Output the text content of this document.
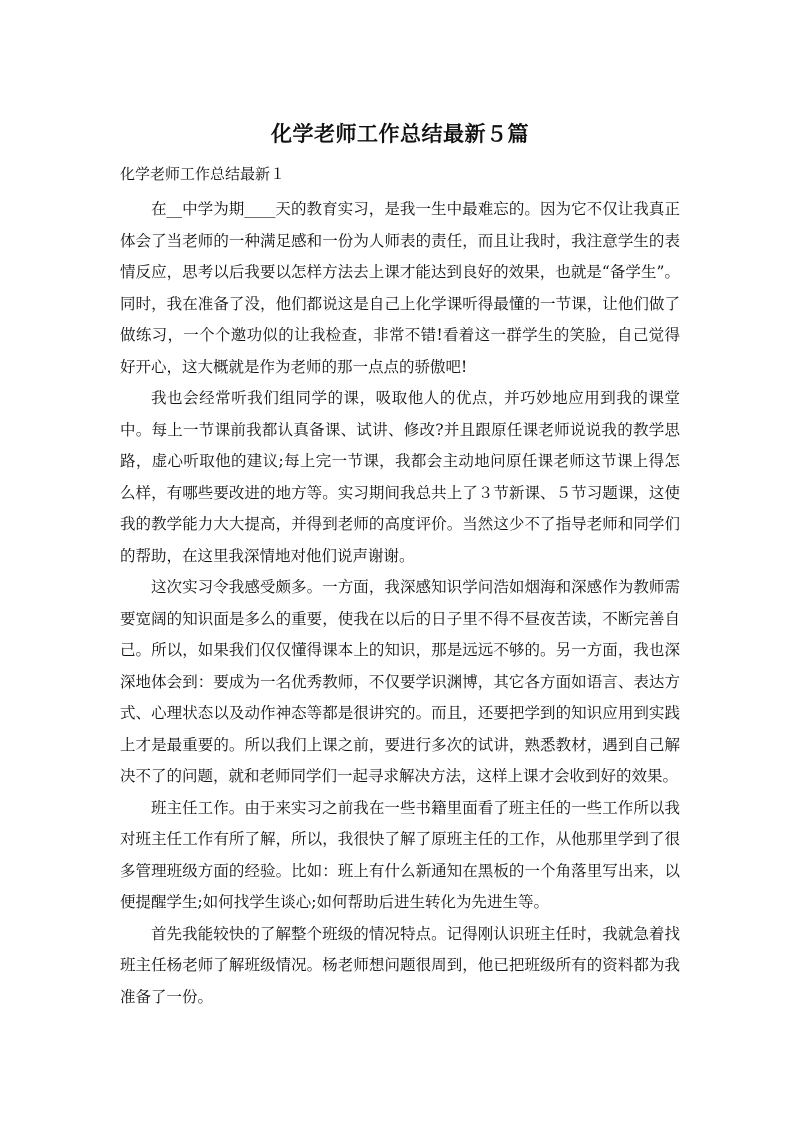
化学老师工作总结最新５篇
化学老师工作总结最新１

在__中学为期____天的教育实习，是我一生中最难忘的。因为它不仅让我真正体会了当老师的一种满足感和一份为人师表的责任，而且让我时，我注意学生的表情反应，思考以后我要以怎样方法去上课才能达到良好的效果，也就是“备学生”。同时，我在准备了没，他们都说这是自己上化学课听得最懂的一节课，让他们做了做练习，一个个邀功似的让我检查，非常不错!看着这一群学生的笑脸，自己觉得好开心，这大概就是作为老师的那一点点的骄傲吧!

我也会经常听我们组同学的课，吸取他人的优点，并巧妙地应用到我的课堂中。每上一节课前我都认真备课、试讲、修改?并且跟原任课老师说说我的教学思路，虚心听取他的建议;每上完一节课，我都会主动地问原任课老师这节课上得怎么样，有哪些要改进的地方等。实习期间我总共上了３节新课、５节习题课，这使我的教学能力大大提高，并得到老师的高度评价。当然这少不了指导老师和同学们的帮助，在这里我深情地对他们说声谢谢。

这次实习令我感受颇多。一方面，我深感知识学问浩如烟海和深感作为教师需要宽阔的知识面是多么的重要，使我在以后的日子里不得不昼夜苦读，不断完善自己。所以，如果我们仅仅懂得课本上的知识，那是远远不够的。另一方面，我也深深地体会到：要成为一名优秀教师，不仅要学识渊博，其它各方面如语言、表达方式、心理状态以及动作神态等都是很讲究的。而且，还要把学到的知识应用到实践上才是最重要的。所以我们上课之前，要进行多次的试讲，熟悉教材，遇到自己解决不了的问题，就和老师同学们一起寻求解决方法，这样上课才会收到好的效果。

班主任工作。由于来实习之前我在一些书籍里面看了班主任的一些工作所以我对班主任工作有所了解，所以，我很快了解了原班主任的工作，从他那里学到了很多管理班级方面的经验。比如：班上有什么新通知在黑板的一个角落里写出来，以便提醒学生;如何找学生谈心;如何帮助后进生转化为先进生等。

首先我能较快的了解整个班级的情况特点。记得刚认识班主任时，我就急着找班主任杨老师了解班级情况。杨老师想问题很周到，他已把班级所有的资料都为我准备了一份。
